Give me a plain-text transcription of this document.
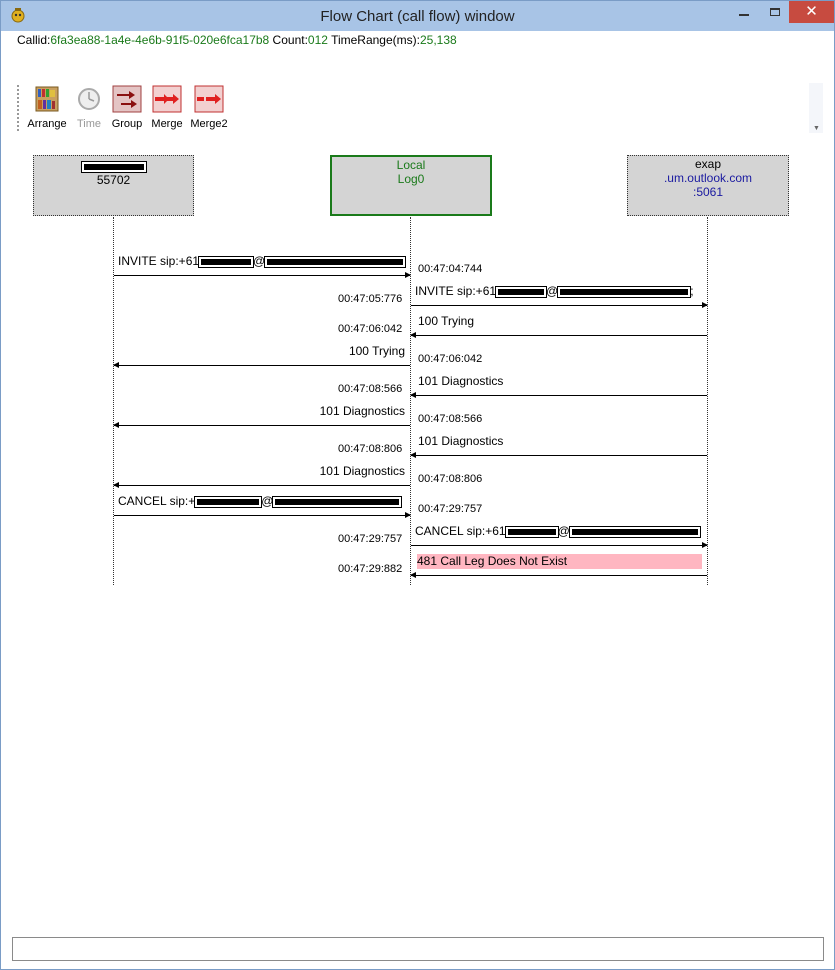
Flow Chart (call flow) window	✕
Callid:6fa3ea88-1a4e-4e6b-91f5-020e6fca17b8 Count:012 TimeRange(ms):25,138
Arrange Time Group Merge Merge2	▼
55702
Local
Log0
exap
.um.outlook.com
:5061
INVITE sip:+61	@
00:47:04:744
INVITE sip:+61	@	;
00:47:05:776
100 Trying
00:47:06:042
100 Trying
00:47:06:042
101 Diagnostics
00:47:08:566
101 Diagnostics
00:47:08:566
101 Diagnostics
00:47:08:806
101 Diagnostics
00:47:08:806
CANCEL sip:+	@
00:47:29:757
CANCEL sip:+61	@
00:47:29:757
481 Call Leg Does Not Exist
00:47:29:882
